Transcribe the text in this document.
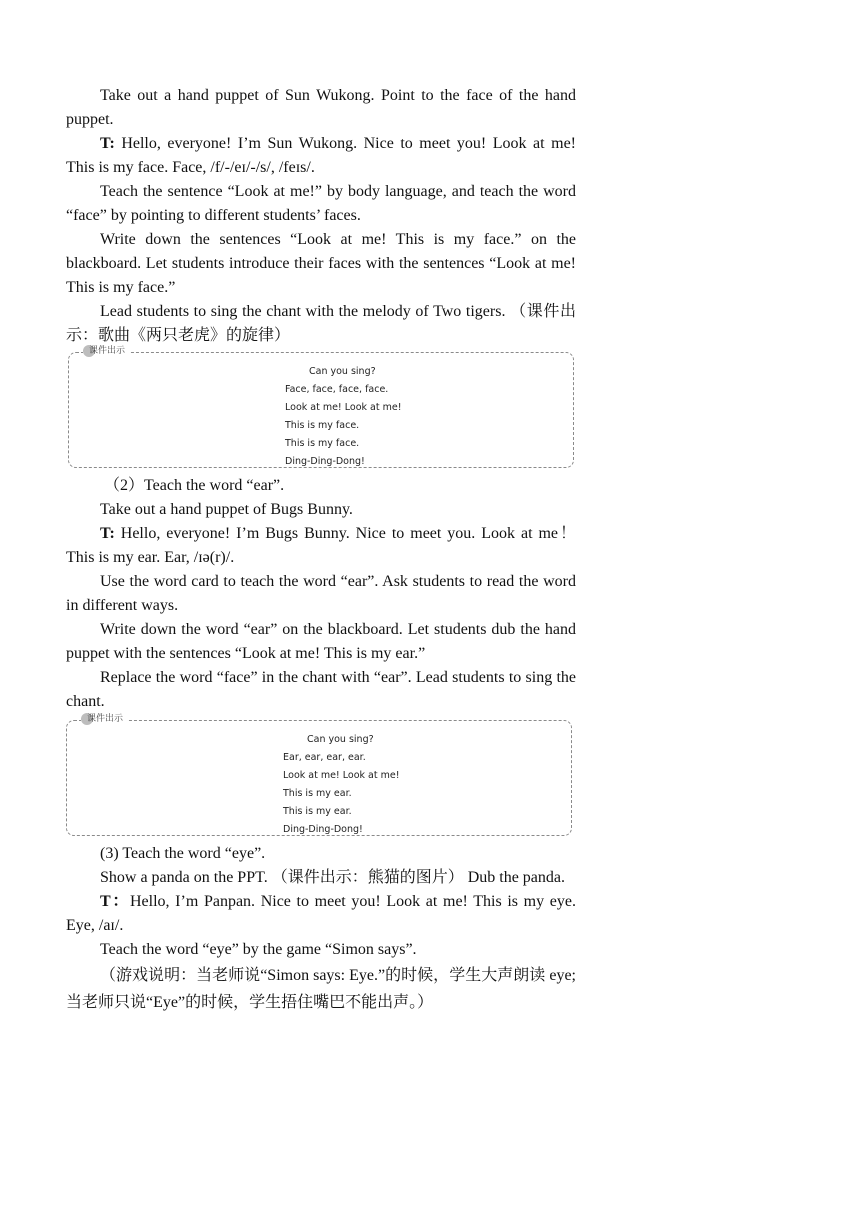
Take out a hand puppet of Sun Wukong. Point to the face of the hand puppet.

T: Hello, everyone! I’m Sun Wukong. Nice to meet you! Look at me! This is my face. Face, /f/-/eɪ/-/s/, /feɪs/.

Teach the sentence “Look at me!” by body language, and teach the word “face” by pointing to different students’ faces.

Write down the sentences “Look at me! This is my face.” on the blackboard. Let students introduce their faces with the sentences “Look at me! This is my face.”

Lead students to sing the chant with the melody of Two tigers. （课件出示：歌曲《两只老虎》的旋律）

课件出示
Can you sing?
Face, face, face, face.
Look at me! Look at me!
This is my face.
This is my face.
Ding-Ding-Dong!

（2）Teach the word “ear”.

Take out a hand puppet of Bugs Bunny.

T: Hello, everyone! I’m Bugs Bunny. Nice to meet you. Look at me！ This is my ear. Ear, /ɪə(r)/.

Use the word card to teach the word “ear”. Ask students to read the word in different ways.

Write down the word “ear” on the blackboard. Let students dub the hand puppet with the sentences “Look at me! This is my ear.”

Replace the word “face” in the chant with “ear”. Lead students to sing the chant.

课件出示
Can you sing?
Ear, ear, ear, ear.
Look at me! Look at me!
This is my ear.
This is my ear.
Ding-Ding-Dong!

(3) Teach the word “eye”.

Show a panda on the PPT. （课件出示：熊猫的图片） Dub the panda.

T：Hello, I’m Panpan. Nice to meet you! Look at me! This is my eye. Eye, /aɪ/.

Teach the word “eye” by the game “Simon says”.

（游戏说明：当老师说“Simon says: Eye.”的时候，学生大声朗读 eye;当老师只说“Eye”的时候，学生捂住嘴巴不能出声。）
